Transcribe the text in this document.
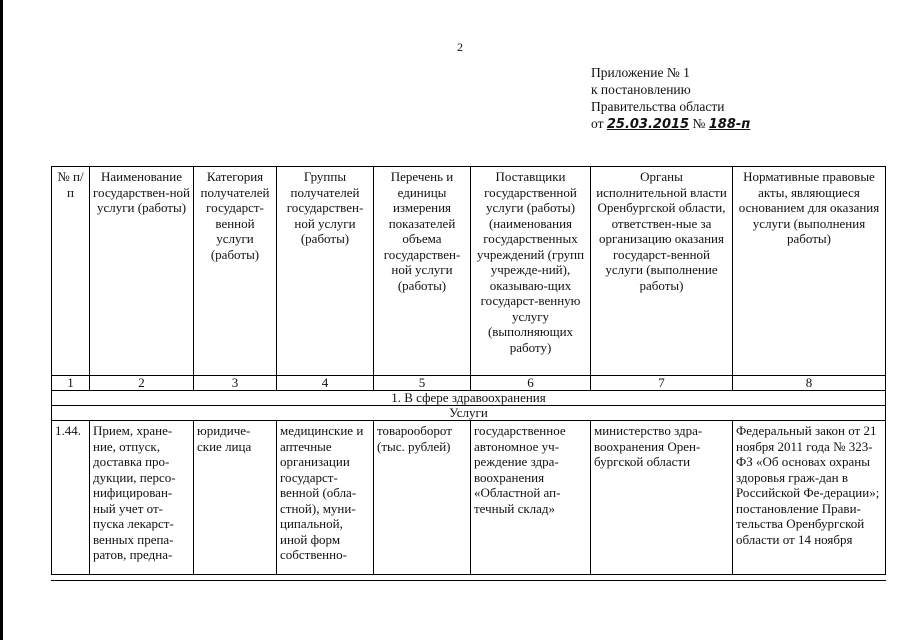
2
Приложение № 1
к постановлению
Правительства области
от 25.03.2015 № 188-п
№ п/п	Наименование государствен-ной услуги (работы)	Категория получателей государст-венной услуги (работы)	Группы получателей государствен-ной услуги (работы)	Перечень и единицы измерения показателей объема государствен-ной услуги (работы)	Поставщики государственной услуги (работы) (наименования государственных учреждений (групп учрежде-ний), оказываю-щих государст-венную услугу (выполняющих работу)	Органы исполнительной власти Оренбургской области, ответствен-ные за организацию оказания государст-венной услуги (выполнение работы)	Нормативные правовые акты, являющиеся основанием для оказания услуги (выполнения работы)
1	2	3	4	5	6	7	8
1. В сфере здравоохранения							
Услуги							
1.44.	Прием, хране-ние, отпуск, доставка про-дукции, персо-нифицирован-ный учет от-пуска лекарст-венных препа-ратов, предна-	юридиче-ские лица	медицинские и аптечные организации государст-венной (обла-стной), муни-ципальной, иной форм собственно-	товарооборот (тыс. рублей)	государственное автономное уч-реждение здра-воохранения «Областной ап-течный склад»	министерство здра-воохранения Орен-бургской области	Федеральный закон от 21 ноября 2011 года № 323-ФЗ «Об основах охраны здоровья граж-дан в Российской Фе-дерации»; постановление Прави-тельства Оренбургской области от 14 ноября
